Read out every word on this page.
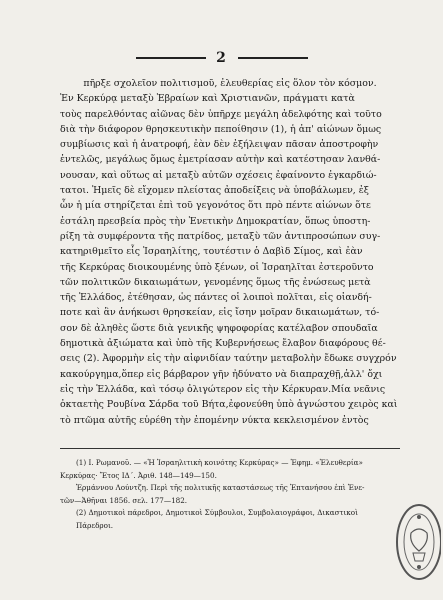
2
πῆρξε σχολεῖον πολιτισμοῦ, ἐλευθερίας εἰς ὅλον τὸν κόσμον.
Ἐν Κερκύρᾳ μεταξὺ Ἑβραίων καὶ Χριστιανῶν, πράγματι κατὰ
τοὺς παρελθόντας αἰῶνας δὲν ὑπῆρχε μεγάλη ἀδελφότης καὶ τοῦτο
διὰ τὴν διάφορον θρησκευτικὴν πεποίθησιν (1), ἡ ἀπ' αἰώνων ὅμως
συμβίωσις καὶ ἡ ἀνατροφή, ἐὰν δὲν ἐξήλειψαν πᾶσαν ἀποστροφὴν
ἐντελῶς, μεγάλως ὅμως ἐμετρίασαν αὐτὴν καὶ κατέστησαν λανθά-
νουσαν, καὶ οὕτως αἱ μεταξὺ αὐτῶν σχέσεις ἐφαίνοντο ἐγκαρδιώ-
τατοι. Ἡμεῖς δὲ εἴχομεν πλείστας ἀποδείξεις νὰ ὑποβάλωμεν, ἐξ
ὧν ἡ μία στηρίζεται ἐπὶ τοῦ γεγονότος ὅτι πρὸ πέντε αἰώνων ὅτε
ἐστάλη πρεσβεία πρὸς τὴν Ἑνετικὴν Δημοκρατίαν, ὅπως ὑποστη-
ρίξη τὰ συμφέροντα τῆς πατρίδος, μεταξὺ τῶν ἀντιπροσώπων συγ-
κατηριθμεῖτο εἷς Ἰσραηλίτης, τουτέστιν ὁ Δαβὶδ Σίμος, καὶ ἐὰν
τῆς Κερκύρας διοικουμένης ὑπὸ ξένων, οἱ Ἰσραηλῖται ἐστεροῦντο
τῶν πολιτικῶν δικαιωμάτων, γενομένης ὅμως τῆς ἐνώσεως μετὰ
τῆς Ἑλλάδος, ἐτέθησαν, ὡς πάντες οἱ λοιποὶ πολῖται, εἰς οἱανδή-
ποτε καὶ ἂν ἀνήκωσι θρησκείαν, εἰς ἴσην μοῖραν δικαιωμάτων, τό-
σον δὲ ἀληθὲς ὥστε διὰ γενικῆς ψηφοφορίας κατέλαβον σπουδαῖα
δημοτικὰ ἀξιώματα καὶ ὑπὸ τῆς Κυβερνήσεως ἔλαβον διαφόρους θέ-
σεις (2). Ἀφορμὴν εἰς τὴν αἰφνιδίαν ταύτην μεταβολὴν ἔδωκε συγχρόν
κακούργημα,ὅπερ εἰς βάρβαρον γῆν ἠδύνατο νὰ διαπραχθῇ,ἀλλ' ὄχι
εἰς τὴν Ἑλλάδα, καὶ τόσῳ ὀλιγώτερον εἰς τὴν Κέρκυραν.Μία νεᾶνις
ὀκταετὴς Ρουβίνα Σάρδα τοῦ Βήτα,ἐφονεύθη ὑπὸ ἀγνώστου χειρὸς καὶ
τὸ πτῶμα αὐτῆς εὑρέθη τὴν ἐπομένην νύκτα κεκλεισμένον ἐντὸς
(1) Ι. Ρωμανοῦ. — «Ἡ Ἰσραηλιτικὴ κοινότης Κερκύρας» — Ἐφημ. «Ἐλευθερία»
Κερκύρας· Ἔτος ΙΔ΄. Ἀριθ. 148—149—150.
Ἑρμάννου Λούντζη. Περὶ τῆς πολιτικῆς καταστάσεως τῆς Ἑπτανήσου ἐπὶ Ἑνε-
τῶν—Ἀθῆναι 1856. σελ. 177—182.
(2) Δημοτικοὶ πάρεδροι, Δημοτικοὶ Σύμβουλοι, Συμβολαιογράφοι, Δικαστικοὶ
Πάρεδροι.
